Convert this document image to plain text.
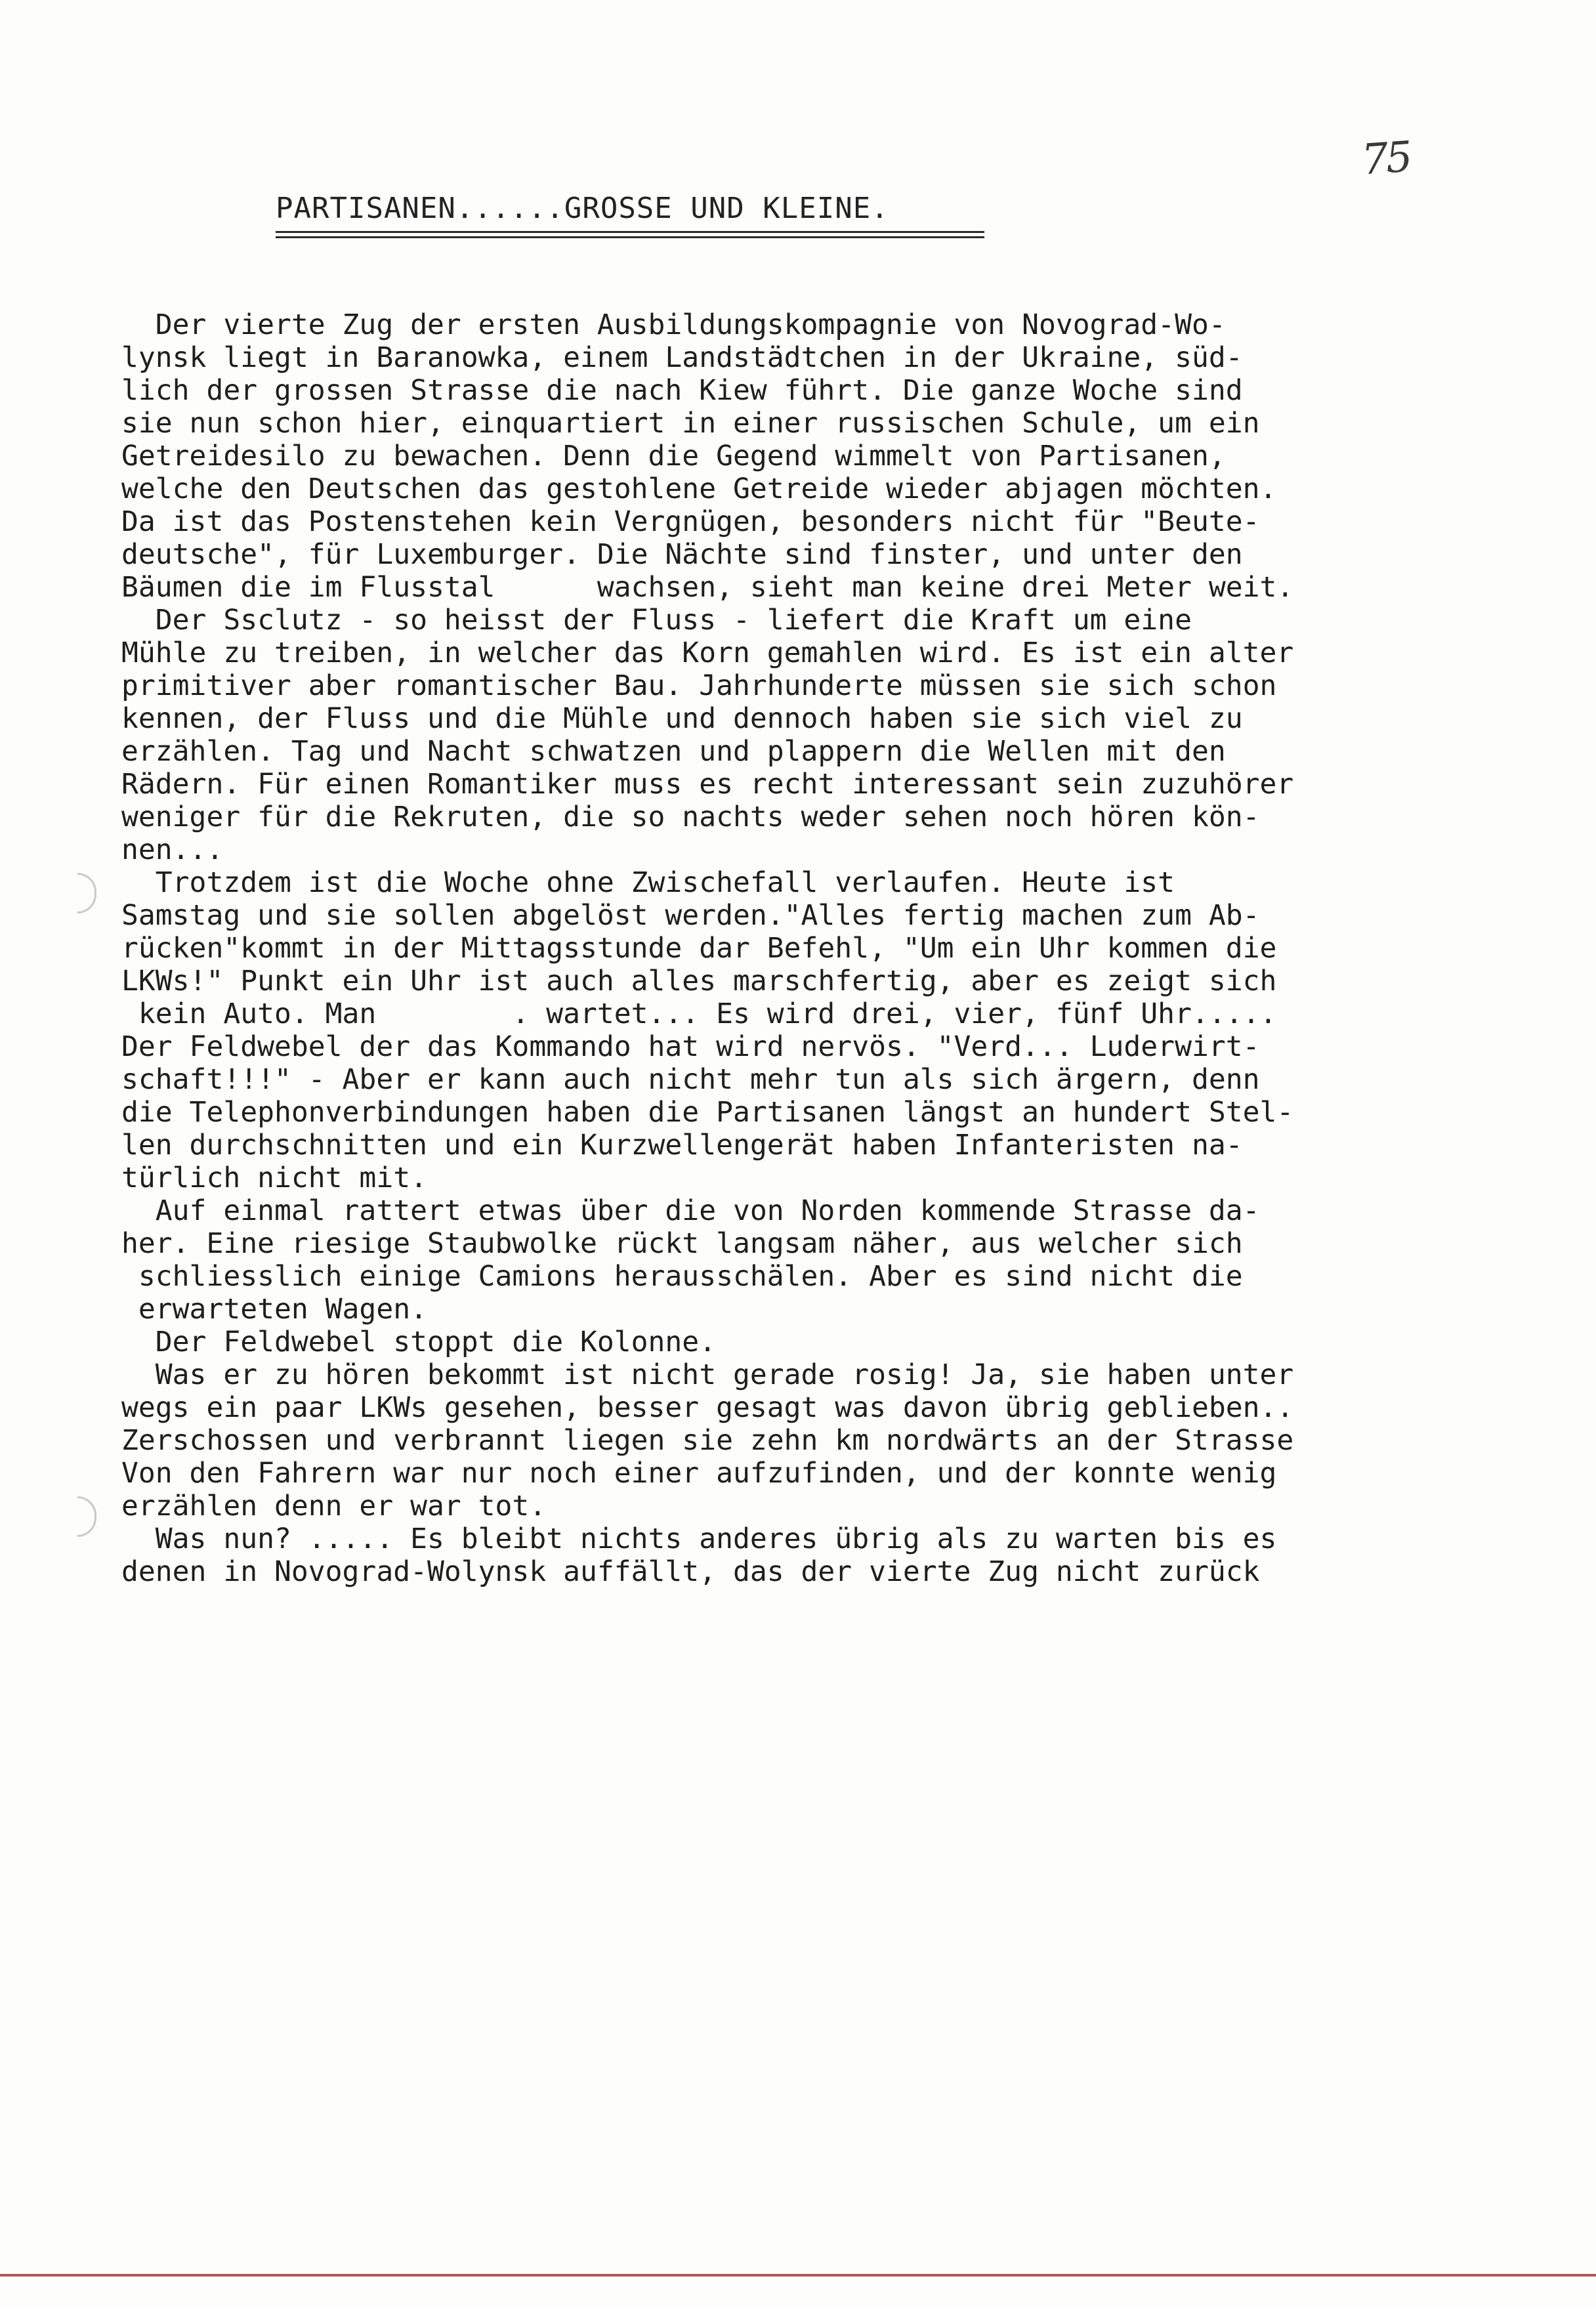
75
PARTISANEN......GROSSE UND KLEINE.
Der vierte Zug der ersten Ausbildungskompagnie von Novograd-Wo-
lynsk liegt in Baranowka, einem Landstädtchen in der Ukraine, süd-
lich der grossen Strasse die nach Kiew führt. Die ganze Woche sind
sie nun schon hier, einquartiert in einer russischen Schule, um ein
Getreidesilo zu bewachen. Denn die Gegend wimmelt von Partisanen,
welche den Deutschen das gestohlene Getreide wieder abjagen möchten.
Da ist das Postenstehen kein Vergnügen, besonders nicht für "Beute-
deutsche", für Luxemburger. Die Nächte sind finster, und unter den
Bäumen die im Flusstal      wachsen, sieht man keine drei Meter weit.
Der Ssclutz - so heisst der Fluss - liefert die Kraft um eine
Mühle zu treiben, in welcher das Korn gemahlen wird. Es ist ein alter
primitiver aber romantischer Bau. Jahrhunderte müssen sie sich schon
kennen, der Fluss und die Mühle und dennoch haben sie sich viel zu
erzählen. Tag und Nacht schwatzen und plappern die Wellen mit den
Rädern. Für einen Romantiker muss es recht interessant sein zuzuhörer
weniger für die Rekruten, die so nachts weder sehen noch hören kön-
nen...
Trotzdem ist die Woche ohne Zwischefall verlaufen. Heute ist
Samstag und sie sollen abgelöst werden."Alles fertig machen zum Ab-
rücken"kommt in der Mittagsstunde dar Befehl, "Um ein Uhr kommen die
LKWs!" Punkt ein Uhr ist auch alles marschfertig, aber es zeigt sich
kein Auto. Man        . wartet... Es wird drei, vier, fünf Uhr.....
Der Feldwebel der das Kommando hat wird nervös. "Verd... Luderwirt-
schaft!!!" - Aber er kann auch nicht mehr tun als sich ärgern, denn
die Telephonverbindungen haben die Partisanen längst an hundert Stel-
len durchschnitten und ein Kurzwellengerät haben Infanteristen na-
türlich nicht mit.
Auf einmal rattert etwas über die von Norden kommende Strasse da-
her. Eine riesige Staubwolke rückt langsam näher, aus welcher sich
schliesslich einige Camions herausschälen. Aber es sind nicht die
erwarteten Wagen.
Der Feldwebel stoppt die Kolonne.
Was er zu hören bekommt ist nicht gerade rosig! Ja, sie haben unter
wegs ein paar LKWs gesehen, besser gesagt was davon übrig geblieben..
Zerschossen und verbrannt liegen sie zehn km nordwärts an der Strasse
Von den Fahrern war nur noch einer aufzufinden, und der konnte wenig
erzählen denn er war tot.
Was nun? ..... Es bleibt nichts anderes übrig als zu warten bis es
denen in Novograd-Wolynsk auffällt, das der vierte Zug nicht zurück
